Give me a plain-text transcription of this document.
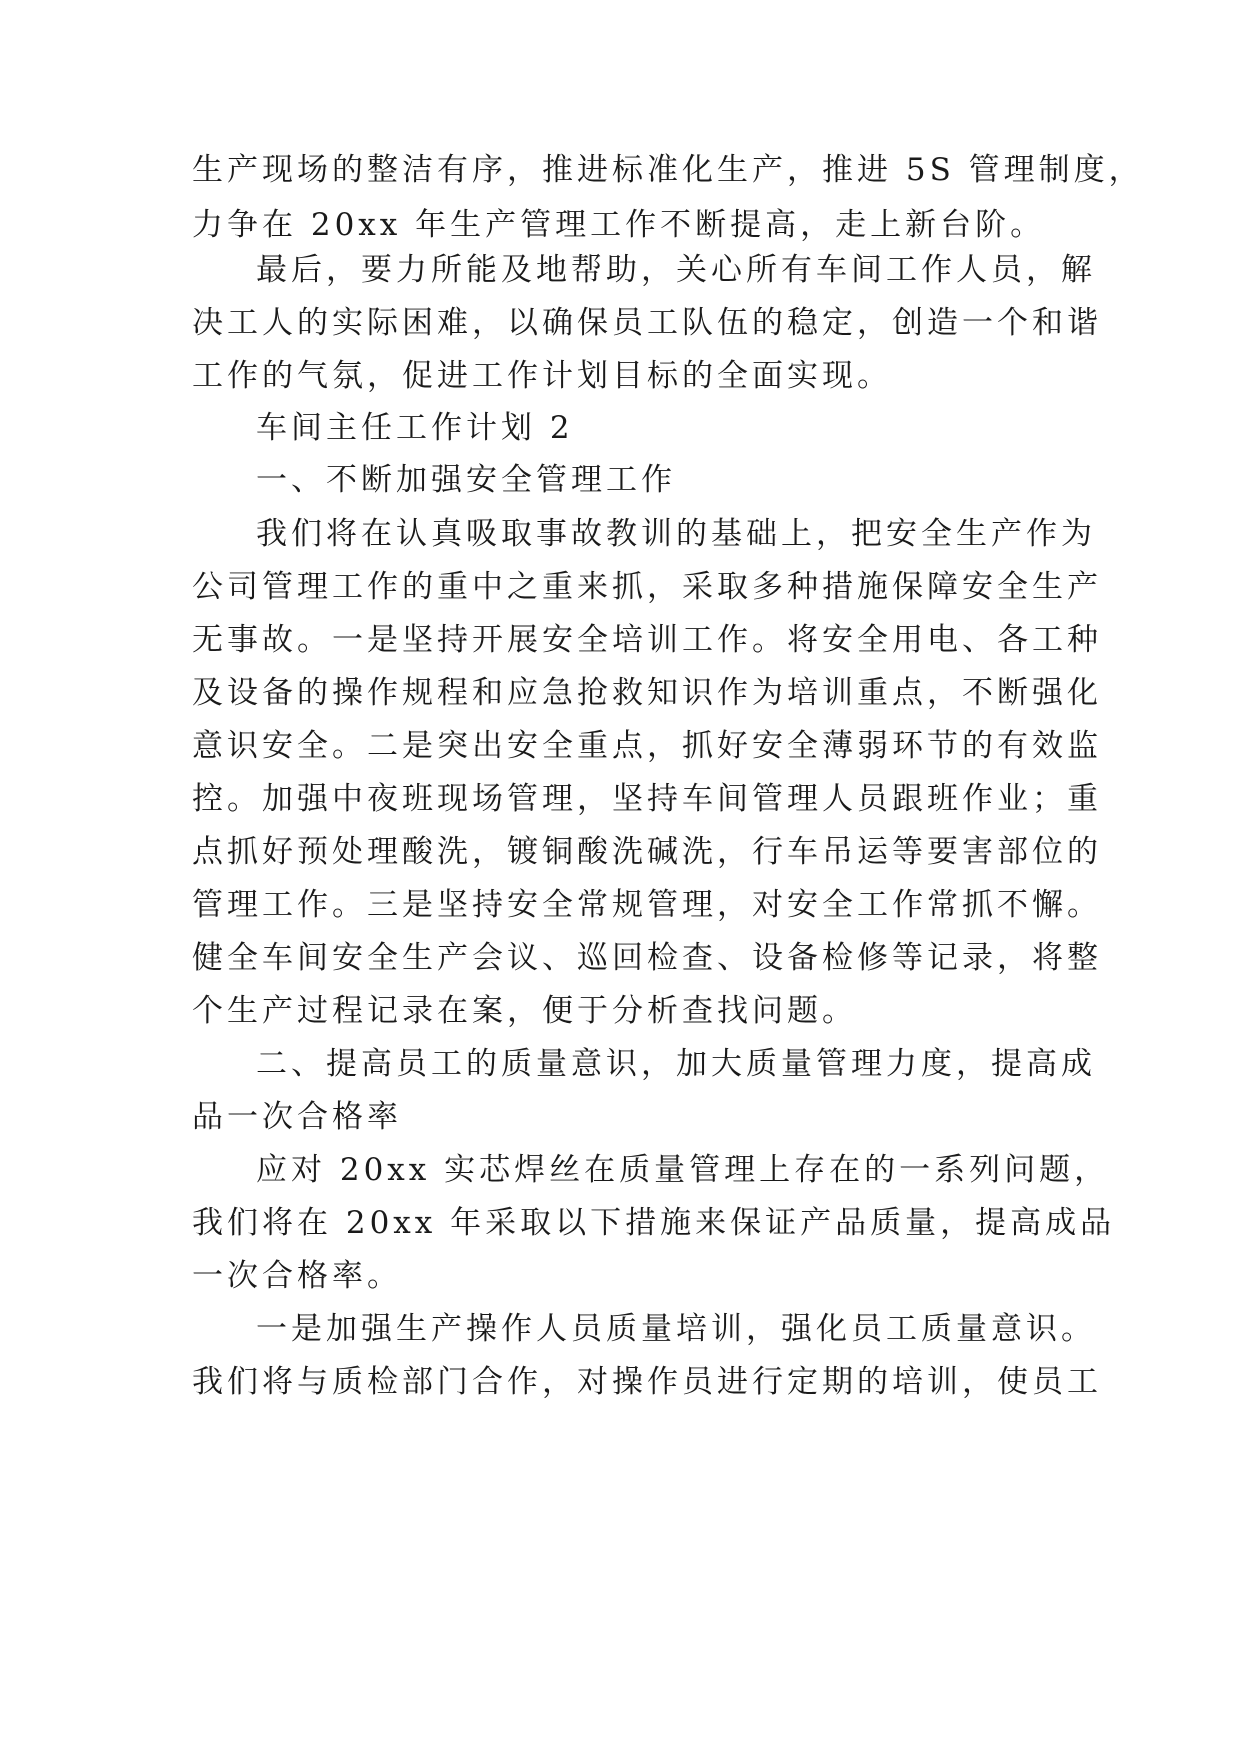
生产现场的整洁有序，推进标准化生产，推进 5S 管理制度，
力争在 20xx 年生产管理工作不断提高，走上新台阶。
最后，要力所能及地帮助，关心所有车间工作人员，解
决工人的实际困难，以确保员工队伍的稳定，创造一个和谐
工作的气氛，促进工作计划目标的全面实现。
车间主任工作计划 2
一、不断加强安全管理工作
我们将在认真吸取事故教训的基础上，把安全生产作为
公司管理工作的重中之重来抓，采取多种措施保障安全生产
无事故。一是坚持开展安全培训工作。将安全用电、各工种
及设备的操作规程和应急抢救知识作为培训重点，不断强化
意识安全。二是突出安全重点，抓好安全薄弱环节的有效监
控。加强中夜班现场管理，坚持车间管理人员跟班作业；重
点抓好预处理酸洗，镀铜酸洗碱洗，行车吊运等要害部位的
管理工作。三是坚持安全常规管理，对安全工作常抓不懈。
健全车间安全生产会议、巡回检查、设备检修等记录，将整
个生产过程记录在案，便于分析查找问题。
二、提高员工的质量意识，加大质量管理力度，提高成
品一次合格率
应对 20xx 实芯焊丝在质量管理上存在的一系列问题，
我们将在 20xx 年采取以下措施来保证产品质量，提高成品
一次合格率。
一是加强生产操作人员质量培训，强化员工质量意识。
我们将与质检部门合作，对操作员进行定期的培训，使员工
